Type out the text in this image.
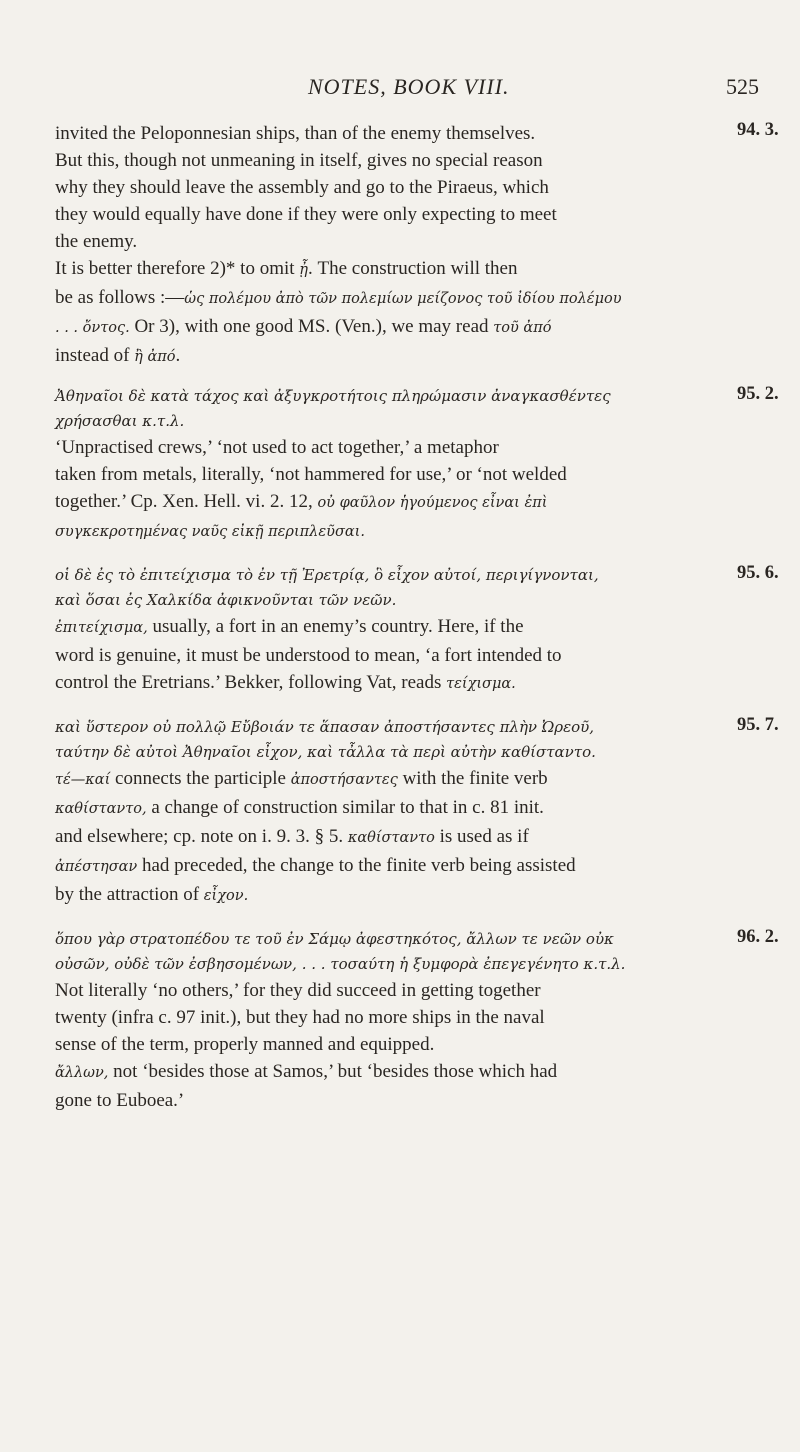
NOTES, BOOK VIII.	525

invited the Peloponnesian ships, than of the enemy themselves.	94. 3.

But this, though not unmeaning in itself, gives no special reason

why they should leave the assembly and go to the Piraeus, which

they would equally have done if they were only expecting to meet

the enemy.

It is better therefore 2)* to omit ᾖ. The construction will then

be as follows :—ὡς πολέμου ἀπὸ τῶν πολεμίων μείζονος τοῦ ἰδίου πολέμου

. . . ὄντος. Or 3), with one good MS. (Ven.), we may read τοῦ ἀπό

instead of ἢ ἀπό.

Ἀθηναῖοι δὲ κατὰ τάχος καὶ ἀξυγκροτήτοις πληρώμασιν ἀναγκασθέντες	95. 2.

χρήσασθαι κ.τ.λ.

‘Unpractised crews,’ ‘not used to act together,’ a metaphor

taken from metals, literally, ‘not hammered for use,’ or ‘not welded

together.’ Cp. Xen. Hell. vi. 2. 12, οὐ φαῦλον ἡγούμενος εἶναι ἐπὶ

συγκεκροτημένας ναῦς εἰκῇ περιπλεῦσαι.

οἱ δὲ ἐς τὸ ἐπιτείχισμα τὸ ἐν τῇ Ἐρετρίᾳ, ὃ εἶχον αὐτοί, περιγίγνονται,	95. 6.

καὶ ὅσαι ἐς Χαλκίδα ἀφικνοῦνται τῶν νεῶν.

ἐπιτείχισμα, usually, a fort in an enemy’s country. Here, if the

word is genuine, it must be understood to mean, ‘a fort intended to

control the Eretrians.’ Bekker, following Vat, reads τείχισμα.

καὶ ὕστερον οὐ πολλῷ Εὔβοιάν τε ἅπασαν ἀποστήσαντες πλὴν Ὠρεοῦ,	95. 7.

ταύτην δὲ αὐτοὶ Ἀθηναῖοι εἶχον, καὶ τἆλλα τὰ περὶ αὐτὴν καθίσταντο.

τέ—καί connects the participle ἀποστήσαντες with the finite verb

καθίσταντο, a change of construction similar to that in c. 81 init.

and elsewhere; cp. note on i. 9. 3. § 5. καθίσταντο is used as if

ἀπέστησαν had preceded, the change to the finite verb being assisted

by the attraction of εἶχον.

ὅπου γὰρ στρατοπέδου τε τοῦ ἐν Σάμῳ ἀφεστηκότος, ἄλλων τε νεῶν οὐκ	96. 2.

οὐσῶν, οὐδὲ τῶν ἐσβησομένων, . . . τοσαύτη ἡ ξυμφορὰ ἐπεγεγένητο κ.τ.λ.

Not literally ‘no others,’ for they did succeed in getting together

twenty (infra c. 97 init.), but they had no more ships in the naval

sense of the term, properly manned and equipped.

ἄλλων, not ‘besides those at Samos,’ but ‘besides those which had

gone to Euboea.’
